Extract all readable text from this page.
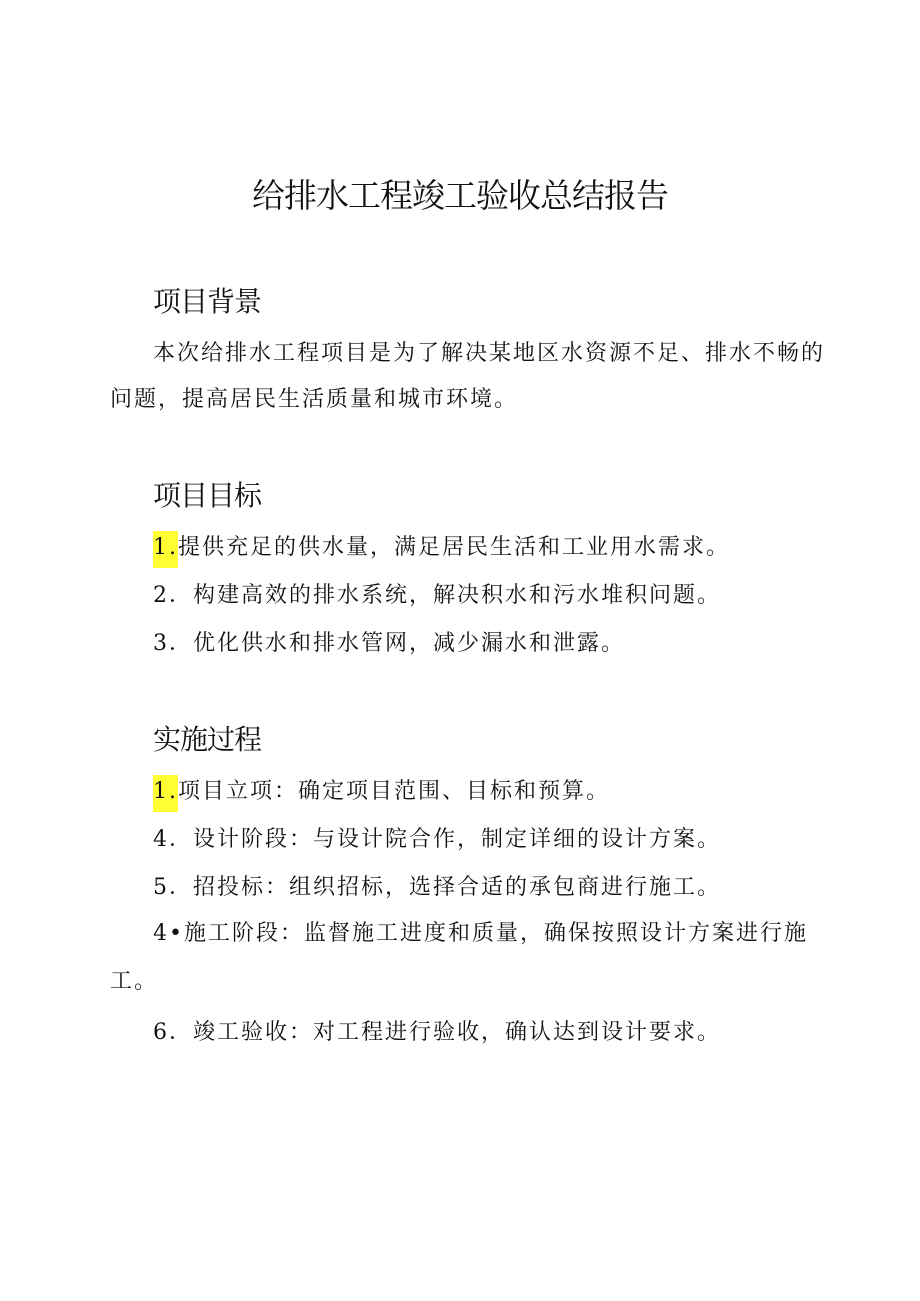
给排水工程竣工验收总结报告
项目背景
本次给排水工程项目是为了解决某地区水资源不足、排水不畅的
问题，提高居民生活质量和城市环境。
项目目标
1.提供充足的供水量，满足居民生活和工业用水需求。
2．构建高效的排水系统，解决积水和污水堆积问题。
3．优化供水和排水管网，减少漏水和泄露。
实施过程
1.项目立项：确定项目范围、目标和预算。
4．设计阶段：与设计院合作，制定详细的设计方案。
5．招投标：组织招标，选择合适的承包商进行施工。
4•施工阶段：监督施工进度和质量，确保按照设计方案进行施
工。
6．竣工验收：对工程进行验收，确认达到设计要求。
